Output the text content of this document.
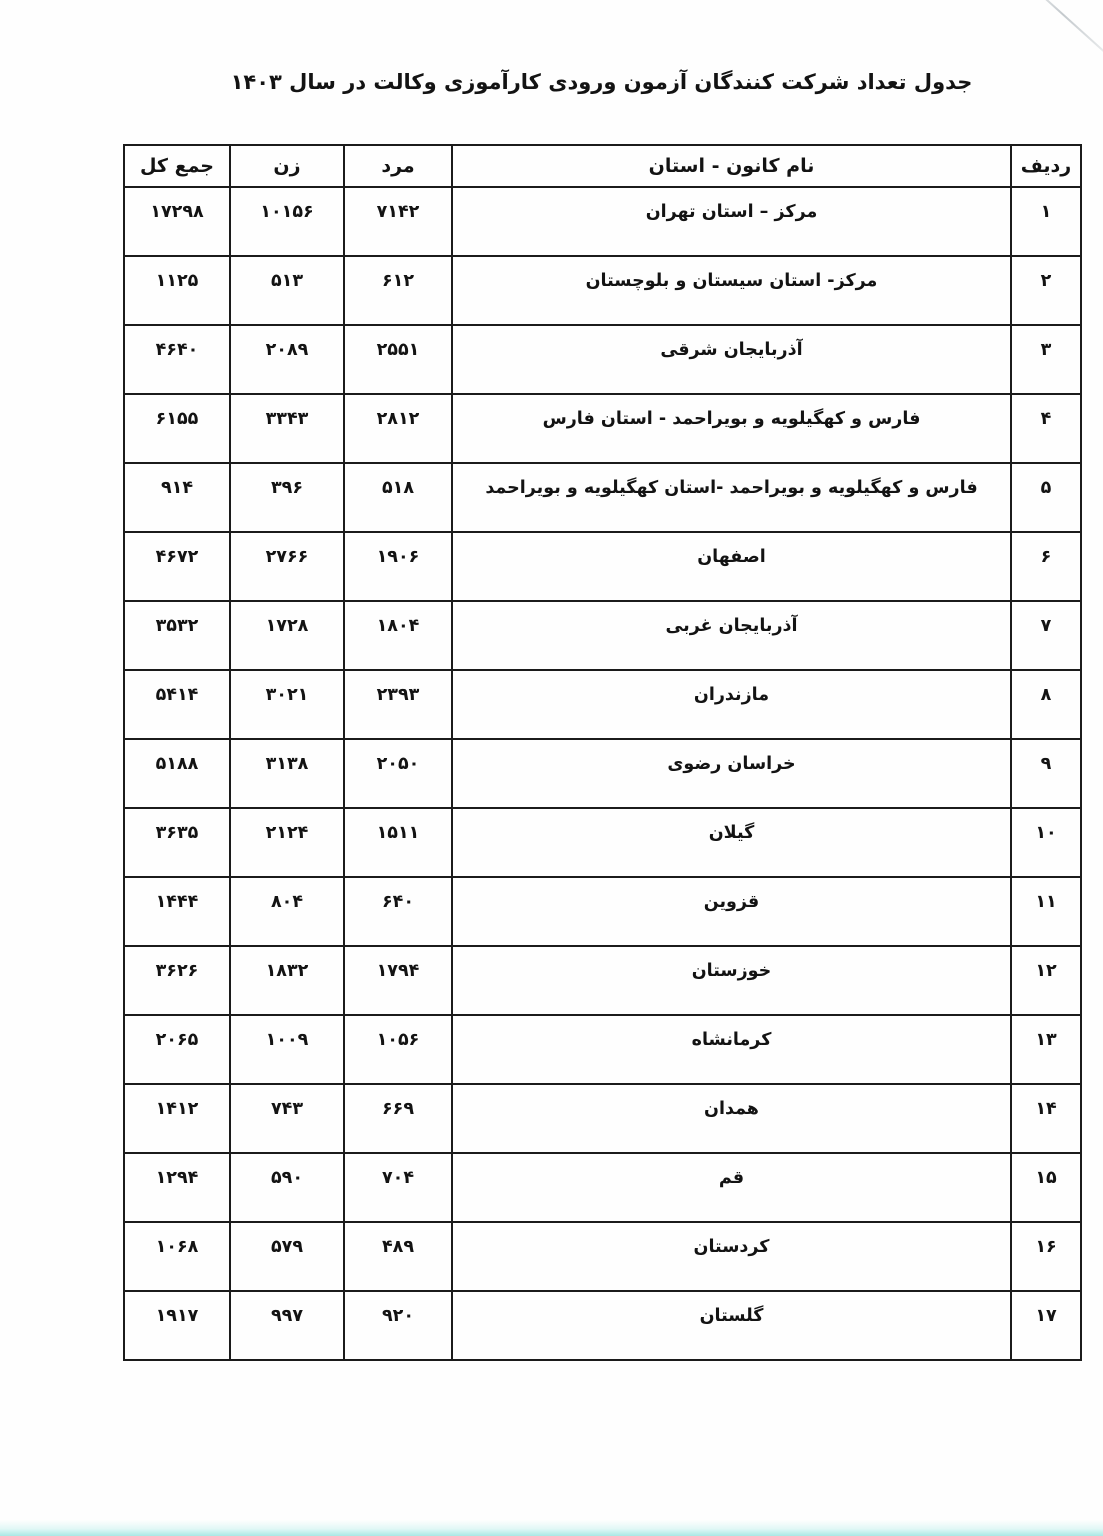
جدول تعداد شرکت کنندگان آزمون ورودی کارآموزی وکالت در سال ۱۴۰۳
ردیف	نام کانون - استان	مرد	زن	جمع کل
۱	مرکز – استان تهران	۷۱۴۲	۱۰۱۵۶	۱۷۲۹۸
۲	مرکز- استان سیستان و بلوچستان	۶۱۲	۵۱۳	۱۱۲۵
۳	آذربایجان شرقی	۲۵۵۱	۲۰۸۹	۴۶۴۰
۴	فارس و کهگیلویه و بویراحمد - استان فارس	۲۸۱۲	۳۳۴۳	۶۱۵۵
۵	فارس و کهگیلویه و بویراحمد -استان کهگیلویه و بویراحمد	۵۱۸	۳۹۶	۹۱۴
۶	اصفهان	۱۹۰۶	۲۷۶۶	۴۶۷۲
۷	آذربایجان غربی	۱۸۰۴	۱۷۲۸	۳۵۳۲
۸	مازندران	۲۳۹۳	۳۰۲۱	۵۴۱۴
۹	خراسان رضوی	۲۰۵۰	۳۱۳۸	۵۱۸۸
۱۰	گیلان	۱۵۱۱	۲۱۲۴	۳۶۳۵
۱۱	قزوین	۶۴۰	۸۰۴	۱۴۴۴
۱۲	خوزستان	۱۷۹۴	۱۸۳۲	۳۶۲۶
۱۳	کرمانشاه	۱۰۵۶	۱۰۰۹	۲۰۶۵
۱۴	همدان	۶۶۹	۷۴۳	۱۴۱۲
۱۵	قم	۷۰۴	۵۹۰	۱۲۹۴
۱۶	کردستان	۴۸۹	۵۷۹	۱۰۶۸
۱۷	گلستان	۹۲۰	۹۹۷	۱۹۱۷
